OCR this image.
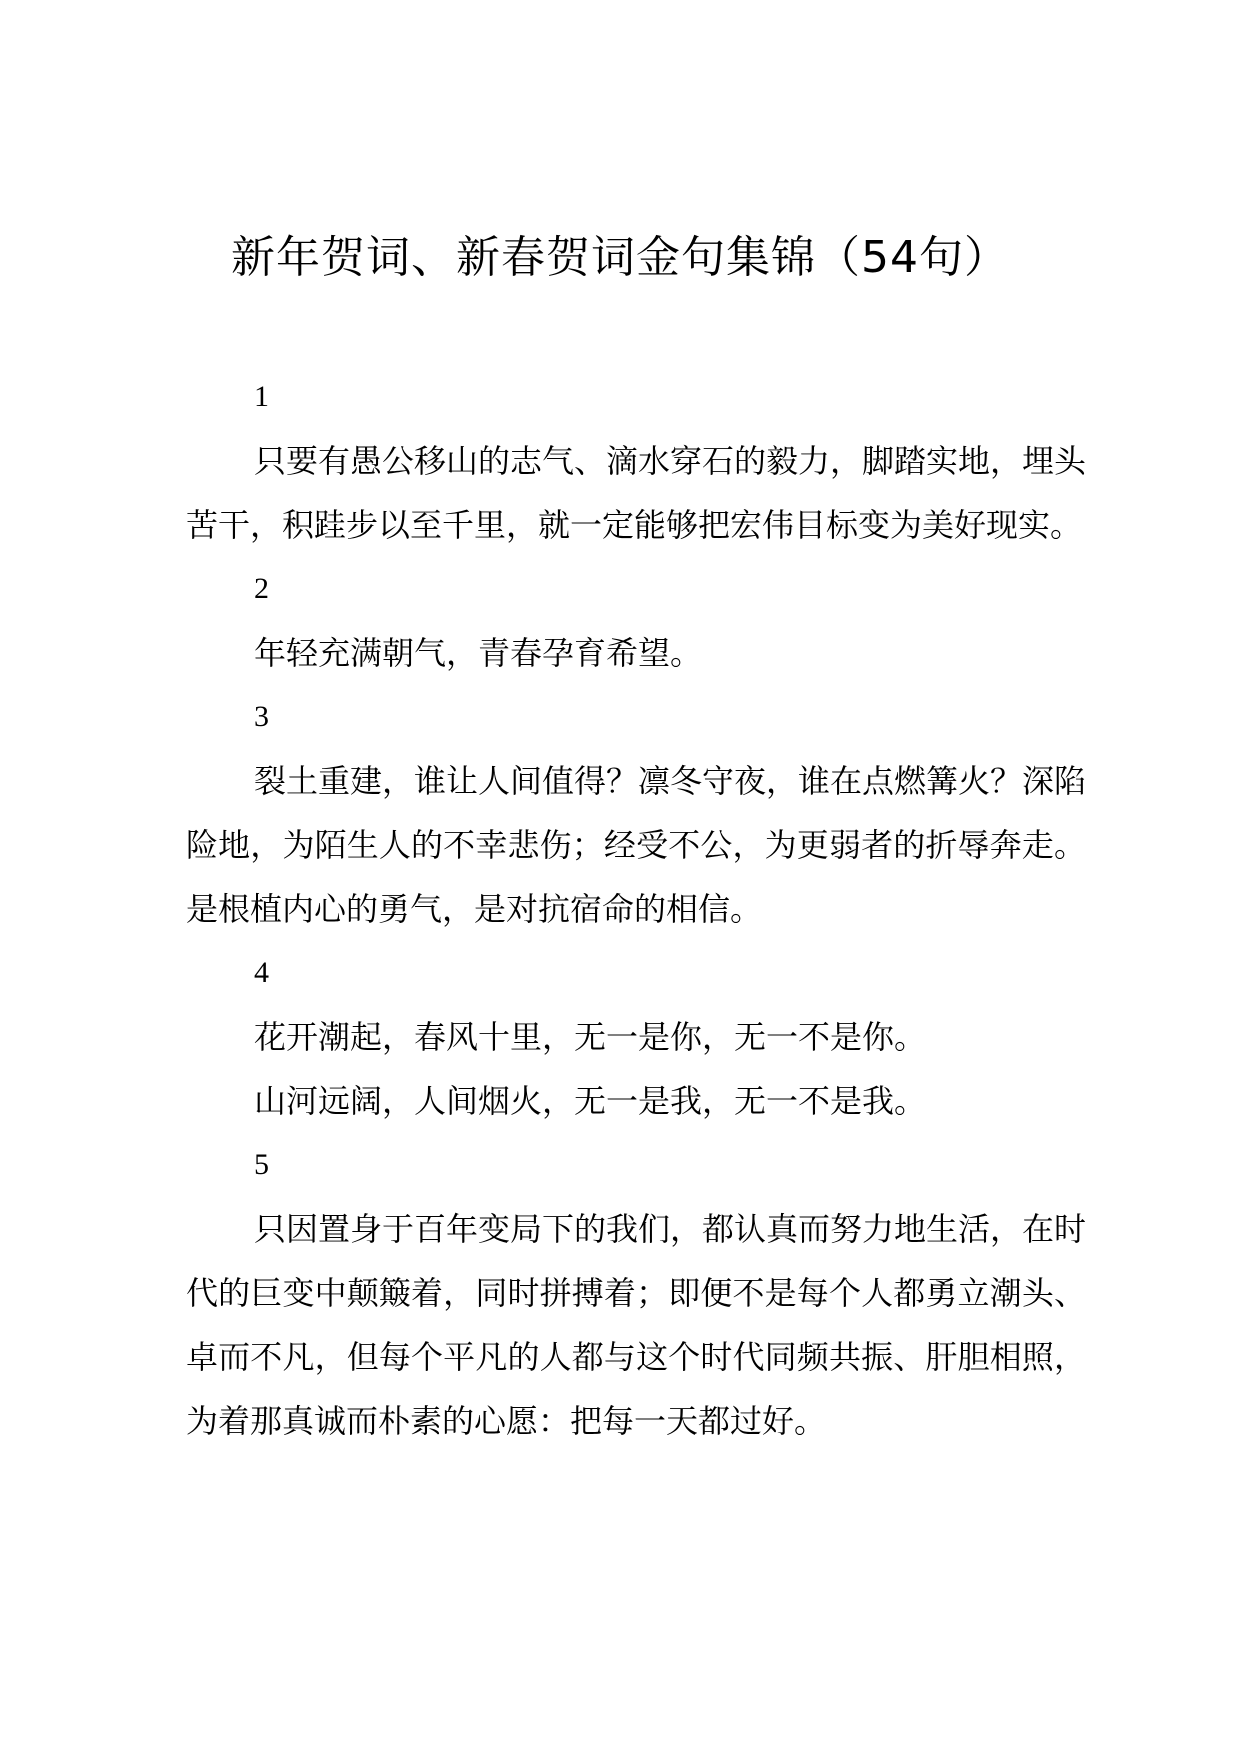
新年贺词、新春贺词金句集锦（54句）
1

只要有愚公移山的志气、滴水穿石的毅力，脚踏实地，埋头苦干，积跬步以至千里，就一定能够把宏伟目标变为美好现实。

2

年轻充满朝气，青春孕育希望。

3

裂土重建，谁让人间值得？凛冬守夜，谁在点燃篝火？深陷险地，为陌生人的不幸悲伤；经受不公，为更弱者的折辱奔走。是根植内心的勇气，是对抗宿命的相信。

4

花开潮起，春风十里，无一是你，无一不是你。

山河远阔，人间烟火，无一是我，无一不是我。

5

只因置身于百年变局下的我们，都认真而努力地生活，在时代的巨变中颠簸着，同时拼搏着；即便不是每个人都勇立潮头、卓而不凡，但每个平凡的人都与这个时代同频共振、肝胆相照，为着那真诚而朴素的心愿：把每一天都过好。
